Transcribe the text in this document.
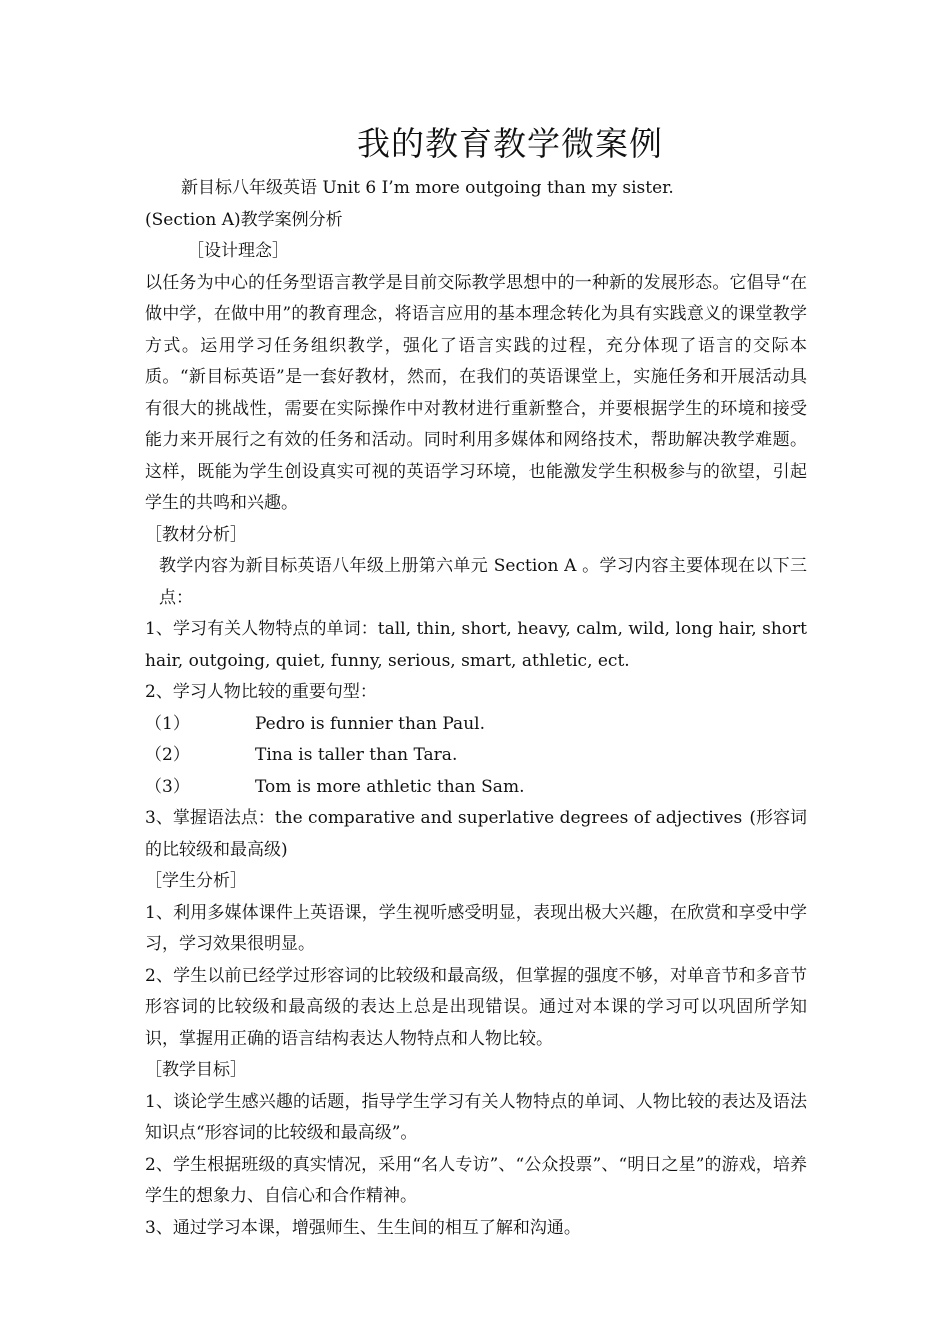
我的教育教学微案例

新目标八年级英语 Unit 6 I’m more outgoing than my sister.

(Section A)教学案例分析

［设计理念］

以任务为中心的任务型语言教学是目前交际教学思想中的一种新的发展形态。它倡导“在做中学，在做中用”的教育理念，将语言应用的基本理念转化为具有实践意义的课堂教学方式。运用学习任务组织教学，强化了语言实践的过程，充分体现了语言的交际本质。“新目标英语”是一套好教材，然而，在我们的英语课堂上，实施任务和开展活动具有很大的挑战性，需要在实际操作中对教材进行重新整合，并要根据学生的环境和接受能力来开展行之有效的任务和活动。同时利用多媒体和网络技术，帮助解决教学难题。这样，既能为学生创设真实可视的英语学习环境，也能激发学生积极参与的欲望，引起学生的共鸣和兴趣。

［教材分析］

教学内容为新目标英语八年级上册第六单元 Section A 。学习内容主要体现在以下三点：

1、学习有关人物特点的单词：tall, thin, short, heavy, calm, wild, long hair, short hair, outgoing, quiet, funny, serious, smart, athletic, ect.

2、学习人物比较的重要句型：

（1）	Pedro is funnier than Paul.
（2）	Tina is taller than Tara.
（3）	Tom is more athletic than Sam.
3、掌握语法点：the comparative and superlative degrees of adjectives (形容词

的比较级和最高级)

［学生分析］

1、利用多媒体课件上英语课，学生视听感受明显，表现出极大兴趣，在欣赏和享受中学习，学习效果很明显。

2、学生以前已经学过形容词的比较级和最高级，但掌握的强度不够，对单音节和多音节形容词的比较级和最高级的表达上总是出现错误。通过对本课的学习可以巩固所学知识，掌握用正确的语言结构表达人物特点和人物比较。

［教学目标］

1、谈论学生感兴趣的话题，指导学生学习有关人物特点的单词、人物比较的表达及语法知识点“形容词的比较级和最高级”。

2、学生根据班级的真实情况，采用“名人专访”、“公众投票”、“明日之星”的游戏，培养学生的想象力、自信心和合作精神。

3、通过学习本课，增强师生、生生间的相互了解和沟通。
